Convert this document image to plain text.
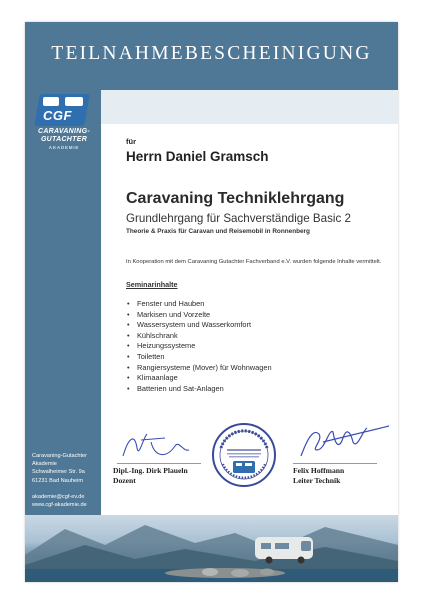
TEILNAHMEBESCHEINIGUNG
CGF
CARAVANING-
GUTACHTER
AKADEMIE
Caravaning-Gutachter
Akademie
Schwalheimer Str. 9a
61231 Bad Nauheim
akademie@cgf-ev.de
www.cgf-akademie.de
für
Herrn Daniel Gramsch
Caravaning Techniklehrgang
Grundlehrgang für Sachverständige Basic 2
Theorie & Praxis für Caravan und Reisemobil in Ronnenberg
In Kooperation mit dem Caravaning Gutachter Fachverband e.V. wurden folgende Inhalte vermittelt.
Seminarinhalte
• Fenster und Hauben
• Markisen und Vorzelte
• Wassersystem und Wasserkomfort
• Kühlschrank
• Heizungssysteme
• Toiletten
• Rangiersysteme (Mover) für Wohnwagen
• Klimaanlage
• Batterien und Sat-Anlagen
Dipl.-Ing. Dirk Plaueln
Dozent
Felix Hoffmann
Leiter Technik
